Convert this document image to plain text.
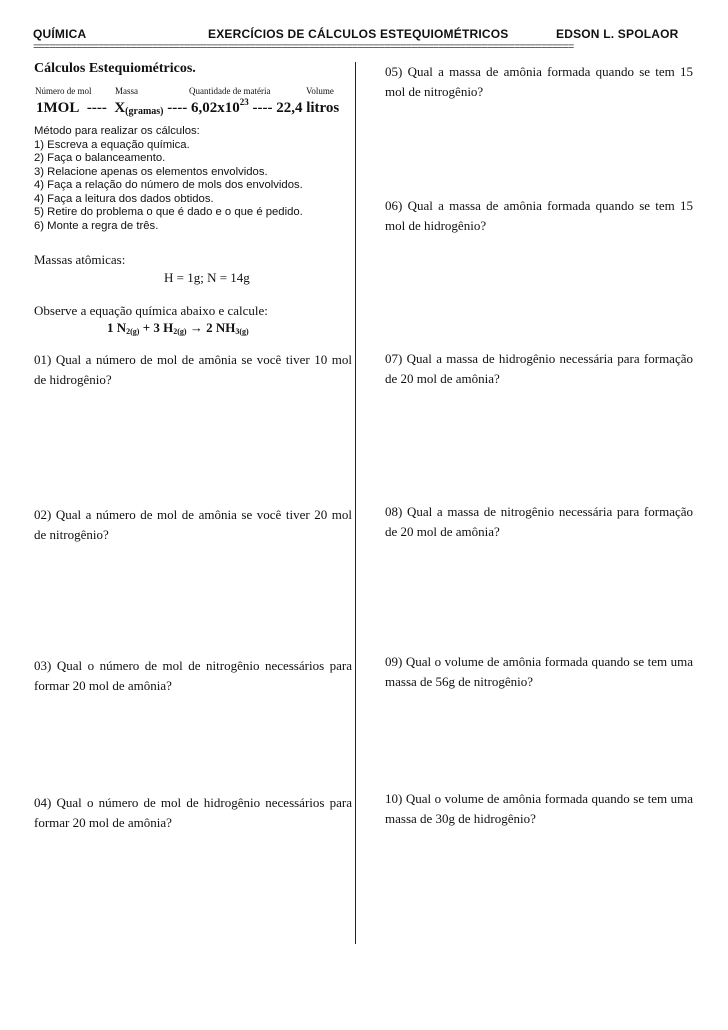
QUÍMICA	EXERCÍCIOS DE CÁLCULOS ESTEQUIOMÉTRICOS	EDSON L. SPOLAOR
====================================================================================================
Cálculos Estequiométricos.
Número de mol	Massa	Quantidade de matéria	Volume
1MOL ---- $X_{(gramas)}$ ---- $6,02x10^{23}$ ---- 22,4 litros
Método para realizar os cálculos:
1) Escreva a equação química.
2) Faça o balanceamento.
3) Relacione apenas os elementos envolvidos.
4) Faça a relação do número de mols dos envolvidos.
4) Faça a leitura dos dados obtidos.
5) Retire do problema o que é dado e o que é pedido.
6) Monte a regra de três.
Massas atômicas:
H = 1g; N = 14g
Observe a equação química abaixo e calcule:
1 $N_{2(g)} + 3$ $H_{2(g)} \to 2$ $NH_{3(g)}$
01) Qual a número de mol de amônia se você tiver 10 mol de hidrogênio?
02) Qual a número de mol de amônia se você tiver 20 mol de nitrogênio?
03) Qual o número de mol de nitrogênio necessários para formar 20 mol de amônia?
04) Qual o número de mol de hidrogênio necessários para formar 20 mol de amônia?
05) Qual a massa de amônia formada quando se tem 15 mol de nitrogênio?
06) Qual a massa de amônia formada quando se tem 15 mol de hidrogênio?
07) Qual a massa de hidrogênio necessária para formação de 20 mol de amônia?
08) Qual a massa de nitrogênio necessária para formação de 20 mol de amônia?
09) Qual o volume de amônia formada quando se tem uma massa de 56g de nitrogênio?
10) Qual o volume de amônia formada quando se tem uma massa de 30g de hidrogênio?
